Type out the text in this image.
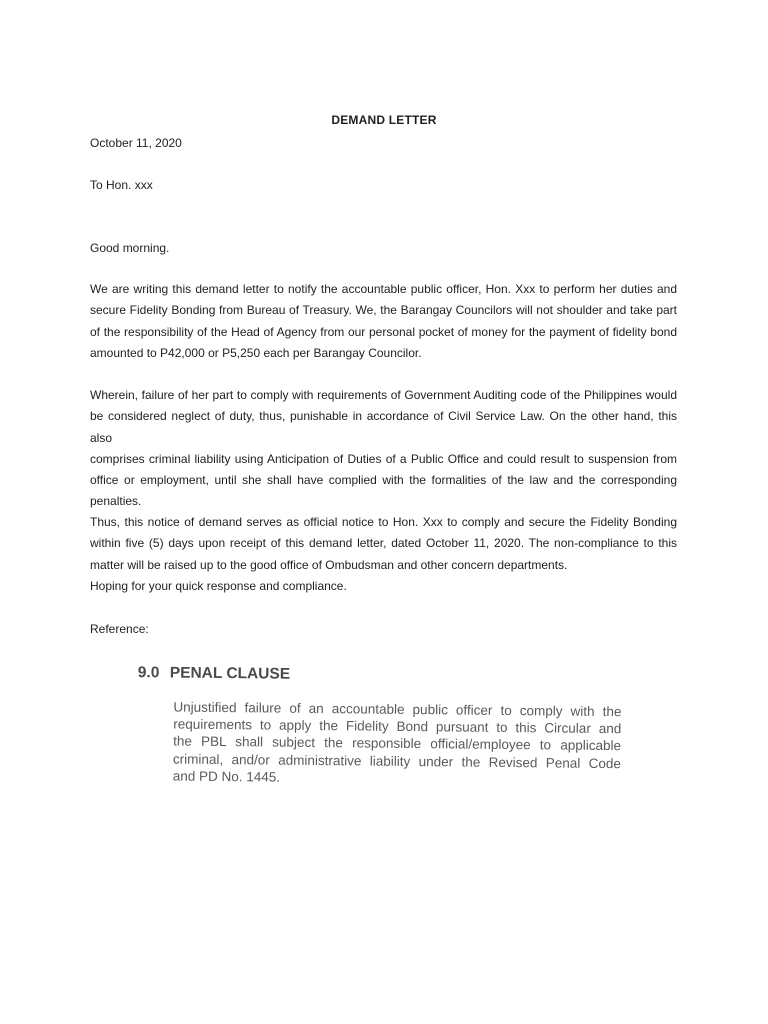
DEMAND LETTER
October 11, 2020
To Hon. xxx
Good morning.
We are writing this demand letter to notify the accountable public officer, Hon. Xxx to perform her duties and
secure Fidelity Bonding from Bureau of Treasury. We, the Barangay Councilors will not shoulder and take part
of the responsibility of the Head of Agency from our personal pocket of money for the payment of fidelity bond
amounted to P42,000 or P5,250 each per Barangay Councilor.
Wherein, failure of her part to comply with requirements of Government Auditing code of the Philippines would
be considered neglect of duty, thus, punishable in accordance of Civil Service Law. On the other hand, this also
comprises criminal liability using Anticipation of Duties of a Public Office and could result to suspension from
office or employment, until she shall have complied with the formalities of the law and the corresponding
penalties.
Thus, this notice of demand serves as official notice to Hon. Xxx to comply and secure the Fidelity Bonding
within five (5) days upon receipt of this demand letter, dated October 11, 2020. The non-compliance to this
matter will be raised up to the good office of Ombudsman and other concern departments.
Hoping for your quick response and compliance.
Reference:
9.0 PENAL CLAUSE
Unjustified failure of an accountable public officer to comply with the
requirements to apply the Fidelity Bond pursuant to this Circular and
the PBL shall subject the responsible official/employee to applicable
criminal, and/or administrative liability under the Revised Penal Code
and PD No. 1445.
